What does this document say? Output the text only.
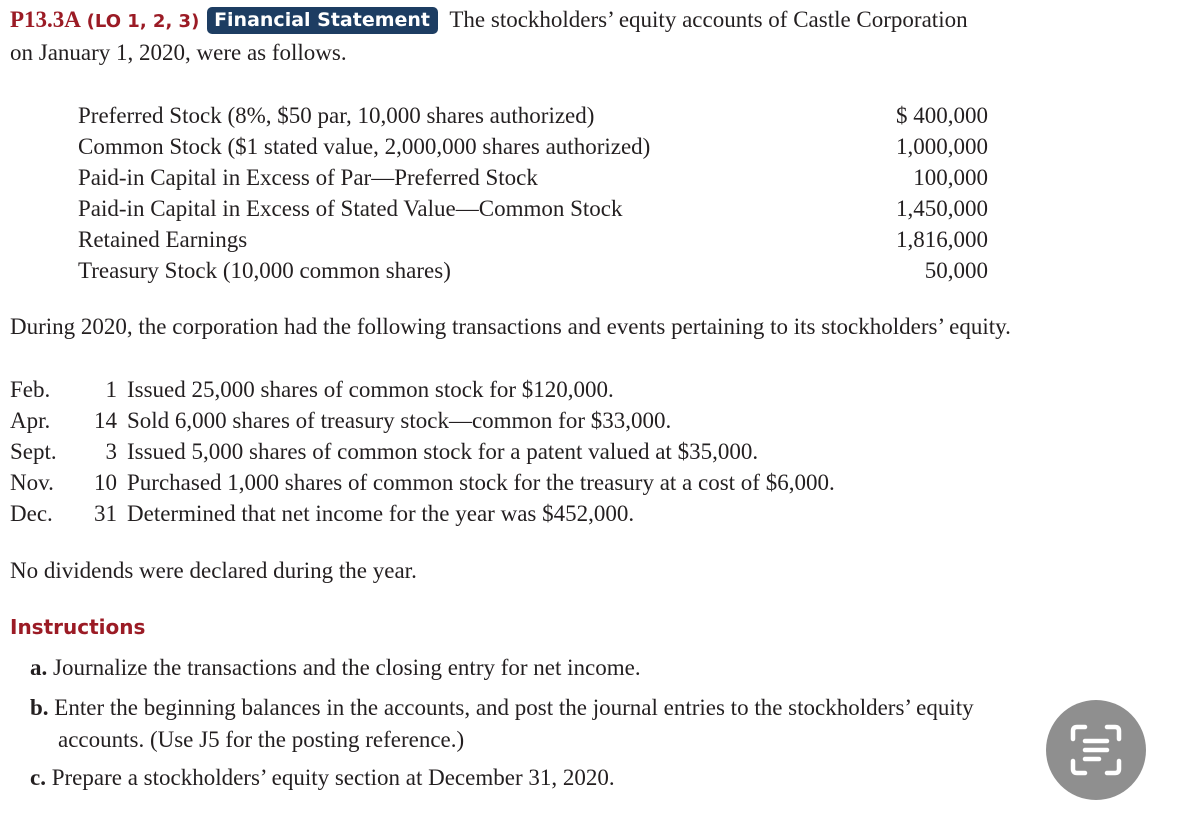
P13.3A (LO 1, 2, 3) Financial Statement The stockholders’ equity accounts of Castle Corporation
on January 1, 2020, were as follows.
Preferred Stock (8%, $50 par, 10,000 shares authorized)	$ 400,000
Common Stock ($1 stated value, 2,000,000 shares authorized)	1,000,000
Paid-in Capital in Excess of Par—Preferred Stock	100,000
Paid-in Capital in Excess of Stated Value—Common Stock	1,450,000
Retained Earnings	1,816,000
Treasury Stock (10,000 common shares)	50,000
During 2020, the corporation had the following transactions and events pertaining to its stockholders’ equity.
Feb. 1 Issued 25,000 shares of common stock for $120,000.
Apr. 14 Sold 6,000 shares of treasury stock—common for $33,000.
Sept. 3 Issued 5,000 shares of common stock for a patent valued at $35,000.
Nov. 10 Purchased 1,000 shares of common stock for the treasury at a cost of $6,000.
Dec. 31 Determined that net income for the year was $452,000.
No dividends were declared during the year.
Instructions
a. Journalize the transactions and the closing entry for net income.
b. Enter the beginning balances in the accounts, and post the journal entries to the stockholders’ equity
accounts. (Use J5 for the posting reference.)
c. Prepare a stockholders’ equity section at December 31, 2020.
